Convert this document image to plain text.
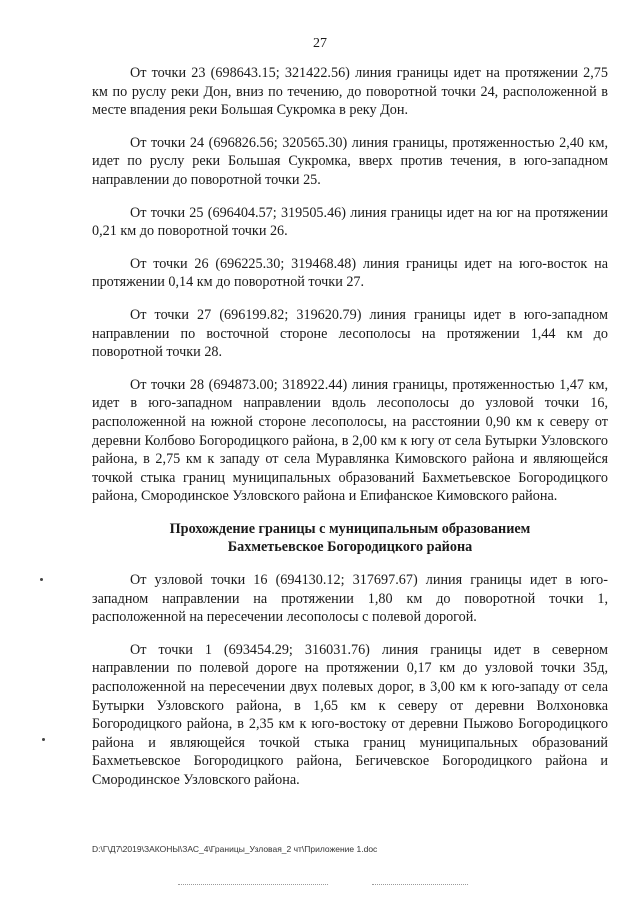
27

От точки 23 (698643.15; 321422.56) линия границы идет на протяжении 2,75 км по руслу реки Дон, вниз по течению, до поворотной точки 24, расположенной в месте впадения реки Большая Сукромка в реку Дон.

От точки 24 (696826.56; 320565.30) линия границы, протяженностью 2,40 км, идет по руслу реки Большая Сукромка, вверх против течения, в юго-западном направлении до поворотной точки 25.

От точки 25 (696404.57; 319505.46) линия границы идет на юг на протяжении 0,21 км до поворотной точки 26.

От точки 26 (696225.30; 319468.48) линия границы идет на юго-восток на протяжении 0,14 км до поворотной точки 27.

От точки 27 (696199.82; 319620.79) линия границы идет в юго-западном направлении по восточной стороне лесополосы на протяжении 1,44 км до поворотной точки 28.

От точки 28 (694873.00; 318922.44) линия границы, протяженностью 1,47 км, идет в юго-западном направлении вдоль лесополосы до узловой точки 16, расположенной на южной стороне лесополосы, на расстоянии 0,90 км к северу от деревни Колбово Богородицкого района, в 2,00 км к югу от села Бутырки Узловского района, в 2,75 км к западу от села Муравлянка Кимовского района и являющейся точкой стыка границ муниципальных образований Бахметьевское Богородицкого района, Смородинское Узловского района и Епифанское Кимовского района.

Прохождение границы с муниципальным образованием
Бахметьевское Богородицкого района

От узловой точки 16 (694130.12; 317697.67) линия границы идет в юго-западном направлении на протяжении 1,80 км до поворотной точки 1, расположенной на пересечении лесополосы с полевой дорогой.

От точки 1 (693454.29; 316031.76) линия границы идет в северном направлении по полевой дороге на протяжении 0,17 км до узловой точки 35д, расположенной на пересечении двух полевых дорог, в 3,00 км к юго-западу от села Бутырки Узловского района, в 1,65 км к северу от деревни Волхоновка Богородицкого района, в 2,35 км к юго-востоку от деревни Пыжово Богородицкого района и являющейся точкой стыка границ муниципальных образований Бахметьевское Богородицкого района, Бегичевское Богородицкого района и Смородинское Узловского района.

D:\Г\Д7\2019\ЗАКОНЫ\ЗАС_4\Границы_Узловая_2 чт\Приложение 1.doc
